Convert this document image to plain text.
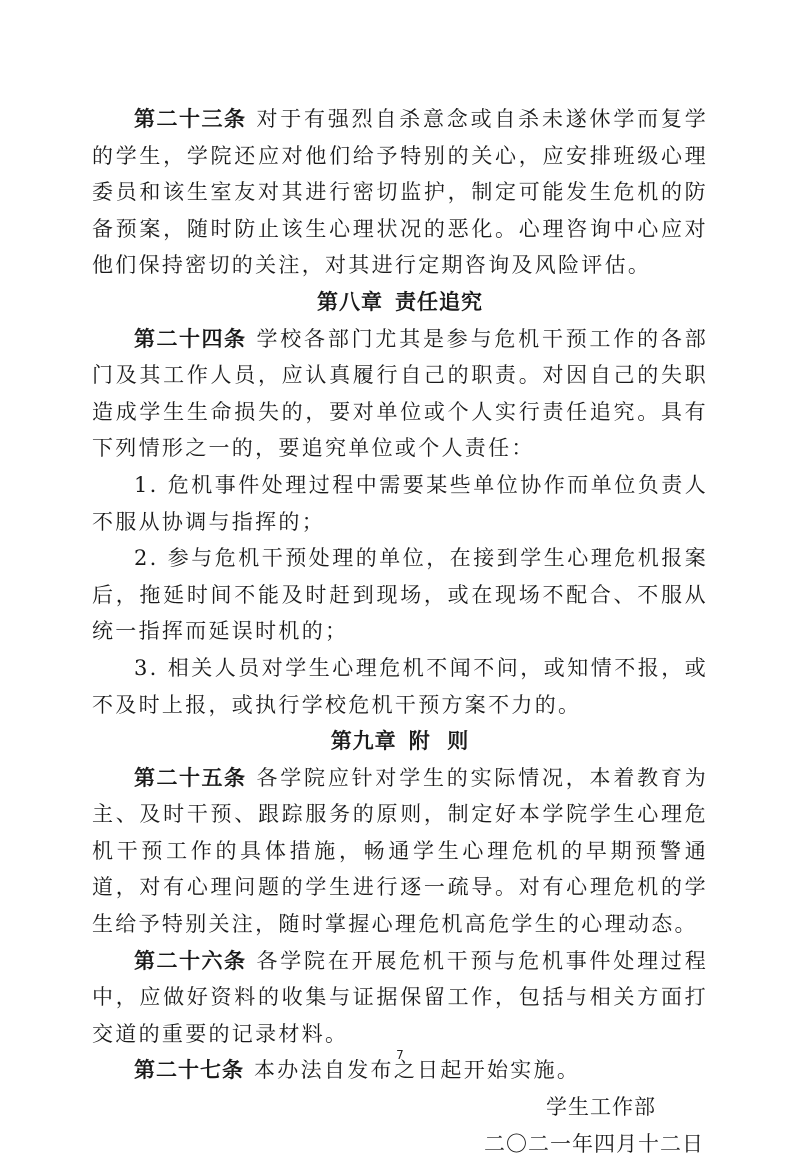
第二十三条 对于有强烈自杀意念或自杀未遂休学而复学的学生，学院还应对他们给予特别的关心，应安排班级心理委员和该生室友对其进行密切监护，制定可能发生危机的防备预案，随时防止该生心理状况的恶化。心理咨询中心应对他们保持密切的关注，对其进行定期咨询及风险评估。

第八章 责任追究

第二十四条 学校各部门尤其是参与危机干预工作的各部门及其工作人员，应认真履行自己的职责。对因自己的失职造成学生生命损失的，要对单位或个人实行责任追究。具有下列情形之一的，要追究单位或个人责任：

1. 危机事件处理过程中需要某些单位协作而单位负责人不服从协调与指挥的；

2. 参与危机干预处理的单位，在接到学生心理危机报案后，拖延时间不能及时赶到现场，或在现场不配合、不服从统一指挥而延误时机的；

3. 相关人员对学生心理危机不闻不问，或知情不报，或不及时上报，或执行学校危机干预方案不力的。

第九章 附  则

第二十五条 各学院应针对学生的实际情况，本着教育为主、及时干预、跟踪服务的原则，制定好本学院学生心理危机干预工作的具体措施，畅通学生心理危机的早期预警通道，对有心理问题的学生进行逐一疏导。对有心理危机的学生给予特别关注，随时掌握心理危机高危学生的心理动态。

第二十六条 各学院在开展危机干预与危机事件处理过程中，应做好资料的收集与证据保留工作，包括与相关方面打交道的重要的记录材料。

第二十七条 本办法自发布之日起开始实施。

学生工作部

二〇二一年四月十二日

7
